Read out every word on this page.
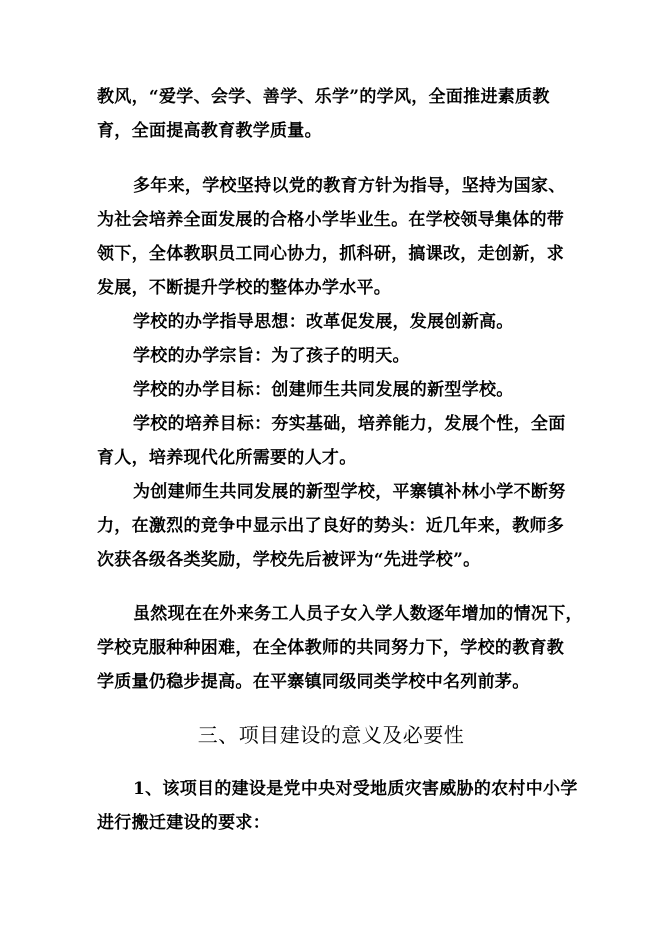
教风，“爱学、会学、善学、乐学”的学风，全面推进素质教
育，全面提高教育教学质量。
多年来，学校坚持以党的教育方针为指导，坚持为国家、
为社会培养全面发展的合格小学毕业生。在学校领导集体的带
领下，全体教职员工同心协力，抓科研，搞课改，走创新，求
发展，不断提升学校的整体办学水平。
学校的办学指导思想：改革促发展，发展创新高。
学校的办学宗旨：为了孩子的明天。
学校的办学目标：创建师生共同发展的新型学校。
学校的培养目标：夯实基础，培养能力，发展个性，全面
育人，培养现代化所需要的人才。
为创建师生共同发展的新型学校，平寨镇补林小学不断努
力，在激烈的竞争中显示出了良好的势头：近几年来，教师多
次获各级各类奖励，学校先后被评为“先进学校”。
虽然现在在外来务工人员子女入学人数逐年增加的情况下，
学校克服种种困难，在全体教师的共同努力下，学校的教育教
学质量仍稳步提高。在平寨镇同级同类学校中名列前茅。
三、项目建设的意义及必要性
1、该项目的建设是党中央对受地质灾害威胁的农村中小学
进行搬迁建设的要求：
